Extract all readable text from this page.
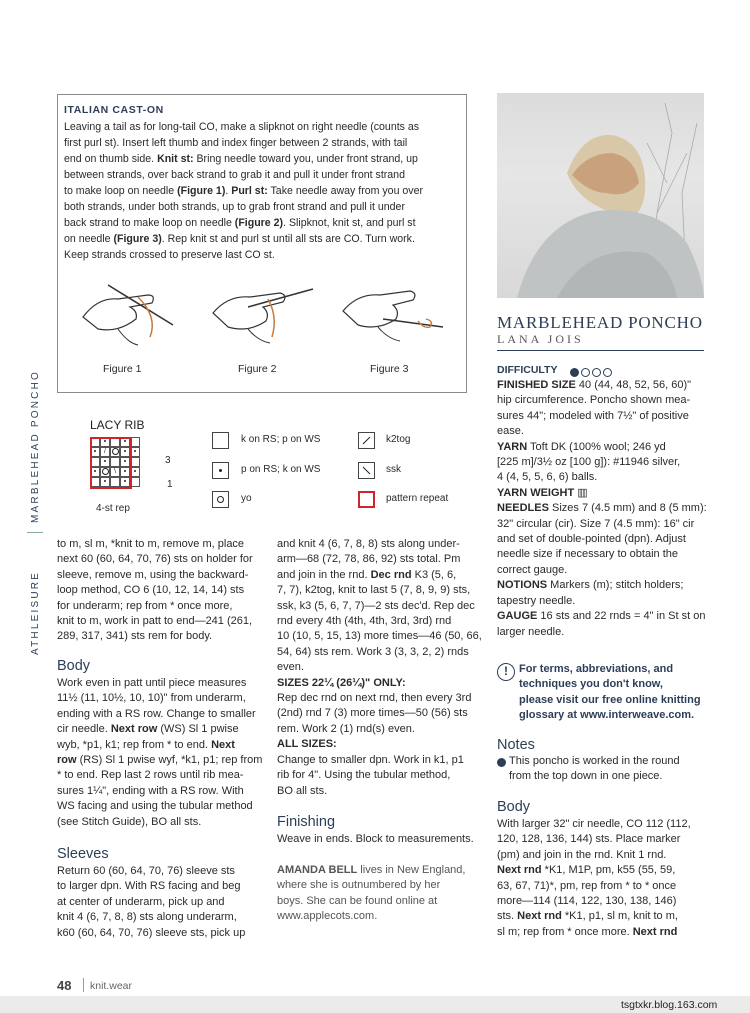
ATHLEISURE
MARBLEHEAD PONCHO
ITALIAN CAST-ON
Leaving a tail as for long-tail CO, make a slipknot on right needle (counts as
first purl st). Insert left thumb and index finger between 2 strands, with tail
end on thumb side. Knit st: Bring needle toward you, under front strand, up
between strands, over back strand to grab it and pull it under front strand
to make loop on needle (Figure 1). Purl st: Take needle away from you over
both strands, under both strands, up to grab front strand and pull it under
back strand to make loop on needle (Figure 2). Slipknot, knit st, and purl st
on needle (Figure 3). Rep knit st and purl st until all sts are CO. Turn work.
Keep strands crossed to preserve last CO st.
Figure 1	Figure 2	Figure 3
LACY RIB
/
\
3
1
4-st rep
k on RS; p on WS
p on RS; k on WS
yo
k2tog
ssk
pattern repeat
to m, sl m, *knit to m, remove m, place
next 60 (60, 64, 70, 76) sts on holder for
sleeve, remove m, using the backward-
loop method, CO 6 (10, 12, 14, 14) sts
for underarm; rep from * once more,
knit to m, work in patt to end—241 (261,
289, 317, 341) sts rem for body.
Body
Work even in patt until piece measures
11½ (11, 10½, 10, 10)" from underarm,
ending with a RS row. Change to smaller
cir needle. Next row (WS) Sl 1 pwise
wyb, *p1, k1; rep from * to end. Next
row (RS) Sl 1 pwise wyf, *k1, p1; rep from
* to end. Rep last 2 rows until rib mea-
sures 1¼", ending with a RS row. With
WS facing and using the tubular method
(see Stitch Guide), BO all sts.
Sleeves
Return 60 (60, 64, 70, 76) sleeve sts
to larger dpn. With RS facing and beg
at center of underarm, pick up and
knit 4 (6, 7, 8, 8) sts along underarm,
k60 (60, 64, 70, 76) sleeve sts, pick up
and knit 4 (6, 7, 8, 8) sts along under-
arm—68 (72, 78, 86, 92) sts total. Pm
and join in the rnd. Dec rnd K3 (5, 6,
7, 7), k2tog, knit to last 5 (7, 8, 9, 9) sts,
ssk, k3 (5, 6, 7, 7)—2 sts dec'd. Rep dec
rnd every 4th (4th, 4th, 3rd, 3rd) rnd
10 (10, 5, 15, 13) more times—46 (50, 66,
54, 64) sts rem. Work 3 (3, 3, 2, 2) rnds
even.
SIZES 22¼ (26¼)" ONLY:
Rep dec rnd on next rnd, then every 3rd
(2nd) rnd 7 (3) more times—50 (56) sts
rem. Work 2 (1) rnd(s) even.
ALL SIZES:
Change to smaller dpn. Work in k1, p1
rib for 4". Using the tubular method,
BO all sts.
Finishing
Weave in ends. Block to measurements.
AMANDA BELL lives in New England,
where she is outnumbered by her
boys. She can be found online at
www.applecots.com.
MARBLEHEAD PONCHO
LANA JOIS
DIFFICULTY
FINISHED SIZE 40 (44, 48, 52, 56, 60)"
hip circumference. Poncho shown mea-
sures 44"; modeled with 7½" of positive
ease.
YARN Toft DK (100% wool; 246 yd
[225 m]/3½ oz [100 g]): #11946 silver,
4 (4, 5, 5, 6, 6) balls.
YARN WEIGHT ▥
NEEDLES Sizes 7 (4.5 mm) and 8 (5 mm):
32" circular (cir). Size 7 (4.5 mm): 16" cir
and set of double-pointed (dpn). Adjust
needle size if necessary to obtain the
correct gauge.
NOTIONS Markers (m); stitch holders;
tapestry needle.
GAUGE 16 sts and 22 rnds = 4" in St st on
larger needle.
!	For terms, abbreviations, and
techniques you don't know,
please visit our free online knitting
glossary at www.interweave.com.
Notes
This poncho is worked in the round
from the top down in one piece.
Body
With larger 32" cir needle, CO 112 (112,
120, 128, 136, 144) sts. Place marker
(pm) and join in the rnd. Knit 1 rnd.
Next rnd *K1, M1P, pm, k55 (55, 59,
63, 67, 71)*, pm, rep from * to * once
more—114 (114, 122, 130, 138, 146)
sts. Next rnd *K1, p1, sl m, knit to m,
sl m; rep from * once more. Next rnd
48 knit.wear
tsgtxkr.blog.163.com
